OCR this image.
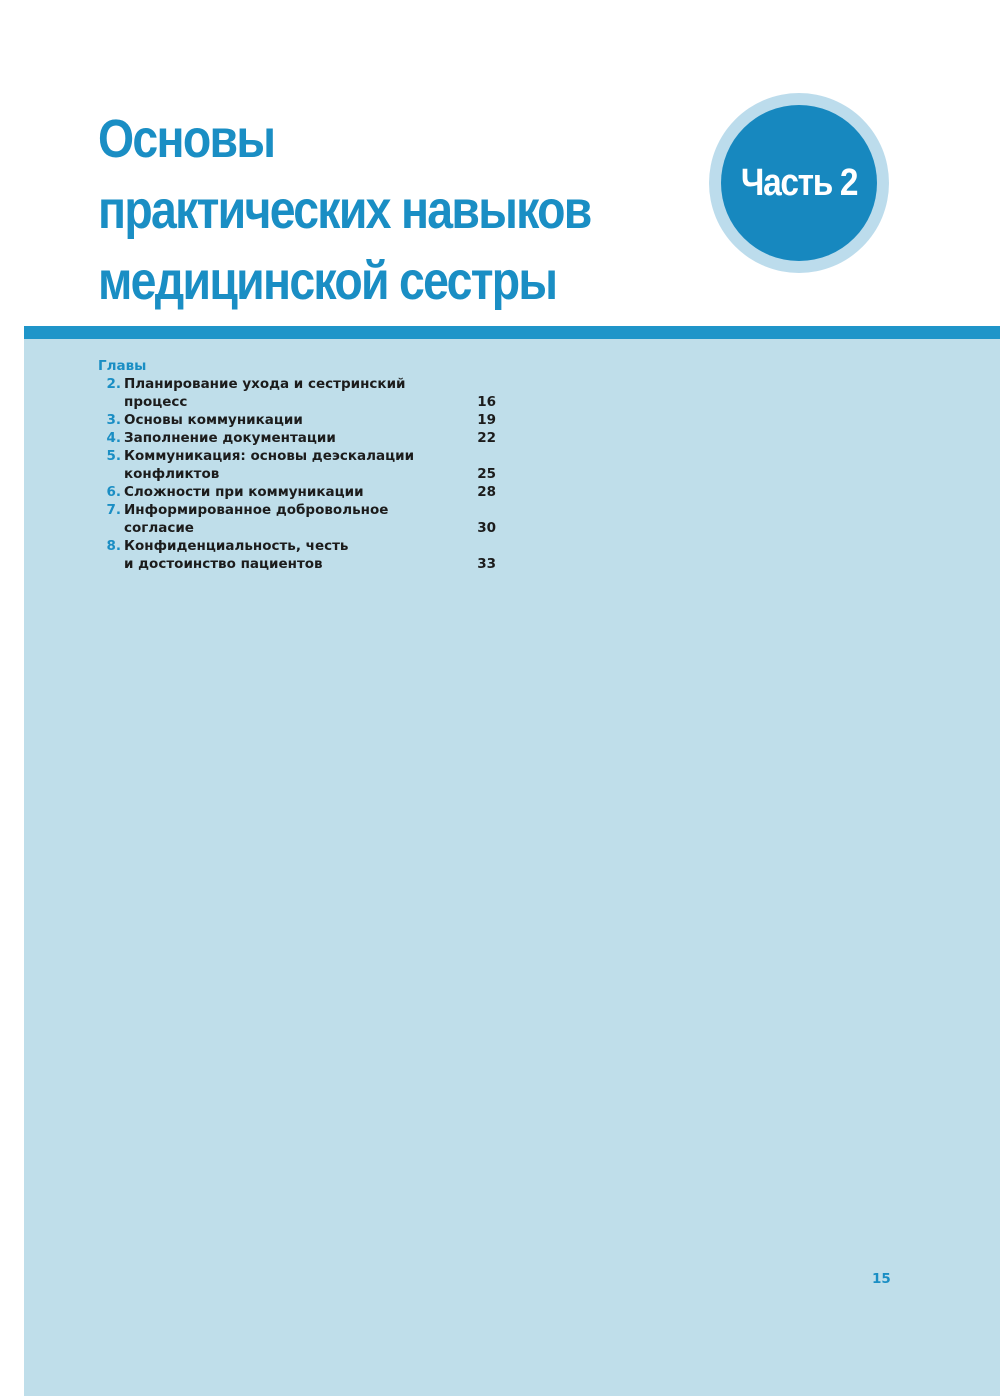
Основы
практических навыков
медицинской сестры
Часть 2

Главы

2. Планирование ухода и сестринский
процесс	16
3. Основы коммуникации	19
4. Заполнение документации	22
5. Коммуникация: основы деэскалации
конфликтов	25
6. Сложности при коммуникации	28
7. Информированное добровольное
согласие	30
8. Конфиденциальность, честь
и достоинство пациентов	33
15
